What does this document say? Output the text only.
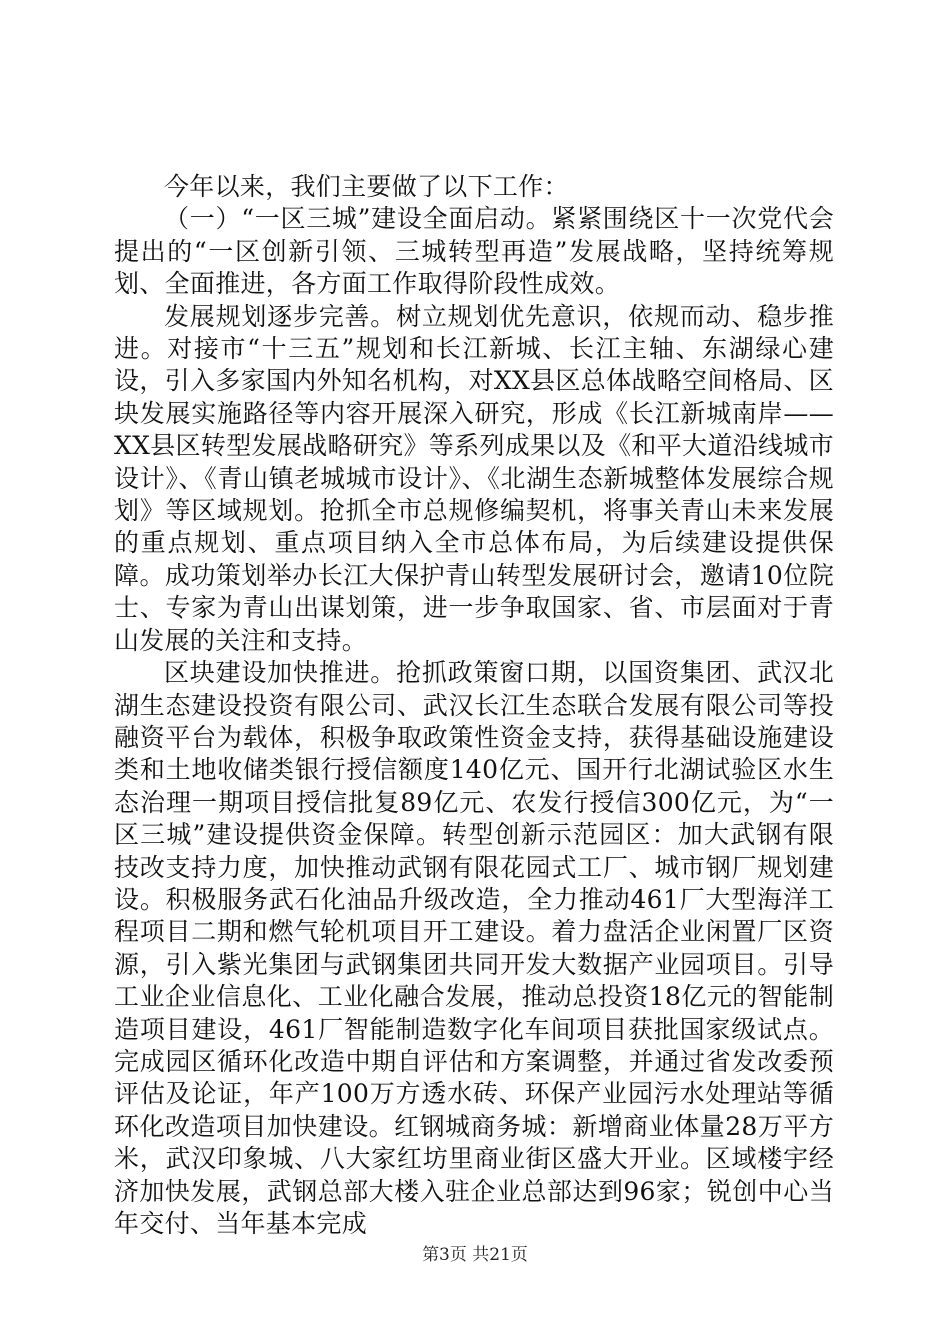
今年以来，我们主要做了以下工作：

（一）“一区三城”建设全面启动。紧紧围绕区十一次党代会提出的“一区创新引领、三城转型再造”发展战略，坚持统筹规划、全面推进，各方面工作取得阶段性成效。

发展规划逐步完善。树立规划优先意识，依规而动、稳步推进。对接市“十三五”规划和长江新城、长江主轴、东湖绿心建设，引入多家国内外知名机构，对XX县区总体战略空间格局、区块发展实施路径等内容开展深入研究，形成《长江新城南岸——XX县区转型发展战略研究》等系列成果以及《和平大道沿线城市设计》、《青山镇老城城市设计》、《北湖生态新城整体发展综合规划》等区域规划。抢抓全市总规修编契机，将事关青山未来发展的重点规划、重点项目纳入全市总体布局，为后续建设提供保障。成功策划举办长江大保护青山转型发展研讨会，邀请10位院士、专家为青山出谋划策，进一步争取国家、省、市层面对于青山发展的关注和支持。

区块建设加快推进。抢抓政策窗口期，以国资集团、武汉北湖生态建设投资有限公司、武汉长江生态联合发展有限公司等投融资平台为载体，积极争取政策性资金支持，获得基础设施建设类和土地收储类银行授信额度140亿元、国开行北湖试验区水生态治理一期项目授信批复89亿元、农发行授信300亿元，为“一区三城”建设提供资金保障。转型创新示范园区：加大武钢有限技改支持力度，加快推动武钢有限花园式工厂、城市钢厂规划建设。积极服务武石化油品升级改造，全力推动461厂大型海洋工程项目二期和燃气轮机项目开工建设。着力盘活企业闲置厂区资源，引入紫光集团与武钢集团共同开发大数据产业园项目。引导工业企业信息化、工业化融合发展，推动总投资18亿元的智能制造项目建设，461厂智能制造数字化车间项目获批国家级试点。完成园区循环化改造中期自评估和方案调整，并通过省发改委预评估及论证，年产100万方透水砖、环保产业园污水处理站等循环化改造项目加快建设。红钢城商务城：新增商业体量28万平方米，武汉印象城、八大家红坊里商业街区盛大开业。区域楼宇经济加快发展，武钢总部大楼入驻企业总部达到96家；锐创中心当年交付、当年基本完成

第3页 共21页
